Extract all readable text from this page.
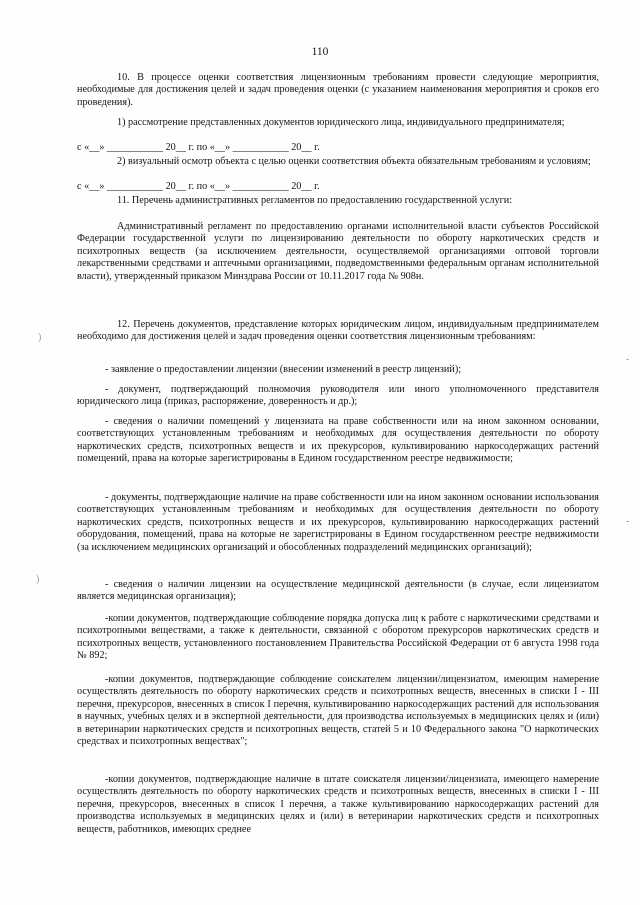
110
10. В процессе оценки соответствия лицензионным требованиям провести следующие мероприятия, необходимые для достижения целей и задач проведения оценки (с указанием наименования мероприятия и сроков его проведения).
1) рассмотрение представленных документов юридического лица, индивидуального предпринимателя;
с «__» ___________ 20__ г. по «__» ___________ 20__ г.
2) визуальный осмотр объекта с целью оценки соответствия объекта обязательным требованиям и условиям;
с «__» ___________ 20__ г. по «__» ___________ 20__ г.
11. Перечень административных регламентов по предоставлению государственной услуги:
Административный регламент по предоставлению органами исполнительной власти субъектов Российской Федерации государственной услуги по лицензированию деятельности по обороту наркотических средств и психотропных веществ (за исключением деятельности, осуществляемой организациями оптовой торговли лекарственными средствами и аптечными организациями, подведомственными федеральным органам исполнительной власти), утвержденный приказом Минздрава России от 10.11.2017 года № 908н.
12. Перечень документов, представление которых юридическим лицом, индивидуальным предпринимателем необходимо для достижения целей и задач проведения оценки соответствия лицензионным требованиям:
- заявление о предоставлении лицензии (внесении изменений в реестр лицензий);
- документ, подтверждающий полномочия руководителя или иного уполномоченного представителя юридического лица (приказ, распоряжение, доверенность и др.);
- сведения о наличии помещений у лицензиата на праве собственности или на ином законном основании, соответствующих установленным требованиям и необходимых для осуществления деятельности по обороту наркотических средств, психотропных веществ и их прекурсоров, культивированию наркосодержащих растений помещений, права на которые зарегистрированы в Едином государственном реестре недвижимости;
- документы, подтверждающие наличие на праве собственности или на ином законном основании использования соответствующих установленным требованиям и необходимых для осуществления деятельности по обороту наркотических средств, психотропных веществ и их прекурсоров, культивированию наркосодержащих растений оборудования, помещений, права на которые не зарегистрированы в Едином государственном реестре недвижимости (за исключением медицинских организаций и обособленных подразделений медицинских организаций);
- сведения о наличии лицензии на осуществление медицинской деятельности (в случае, если лицензиатом является медицинская организация);
-копии документов, подтверждающие соблюдение порядка допуска лиц к работе с наркотическими средствами и психотропными веществами, а также к деятельности, связанной с оборотом прекурсоров наркотических средств и психотропных веществ, установленного постановлением Правительства Российской Федерации от 6 августа 1998 года № 892;
-копии документов, подтверждающие соблюдение соискателем лицензии/лицензиатом, имеющим намерение осуществлять деятельность по обороту наркотических средств и психотропных веществ, внесенных в списки I - III перечня, прекурсоров, внесенных в список I перечня, культивированию наркосодержащих растений для использования в научных, учебных целях и в экспертной деятельности, для производства используемых в медицинских целях и (или) в ветеринарии наркотических средств и психотропных веществ, статей 5 и 10 Федерального закона "О наркотических средствах и психотропных веществах";
-копии документов, подтверждающие наличие в штате соискателя лицензии/лицензиата, имеющего намерение осуществлять деятельность по обороту наркотических средств и психотропных веществ, внесенных в списки I - III перечня, прекурсоров, внесенных в список I перечня, а также культивированию наркосодержащих растений для производства используемых в медицинских целях и (или) в ветеринарии наркотических средств и психотропных веществ, работников, имеющих среднее
)
)
-
-
